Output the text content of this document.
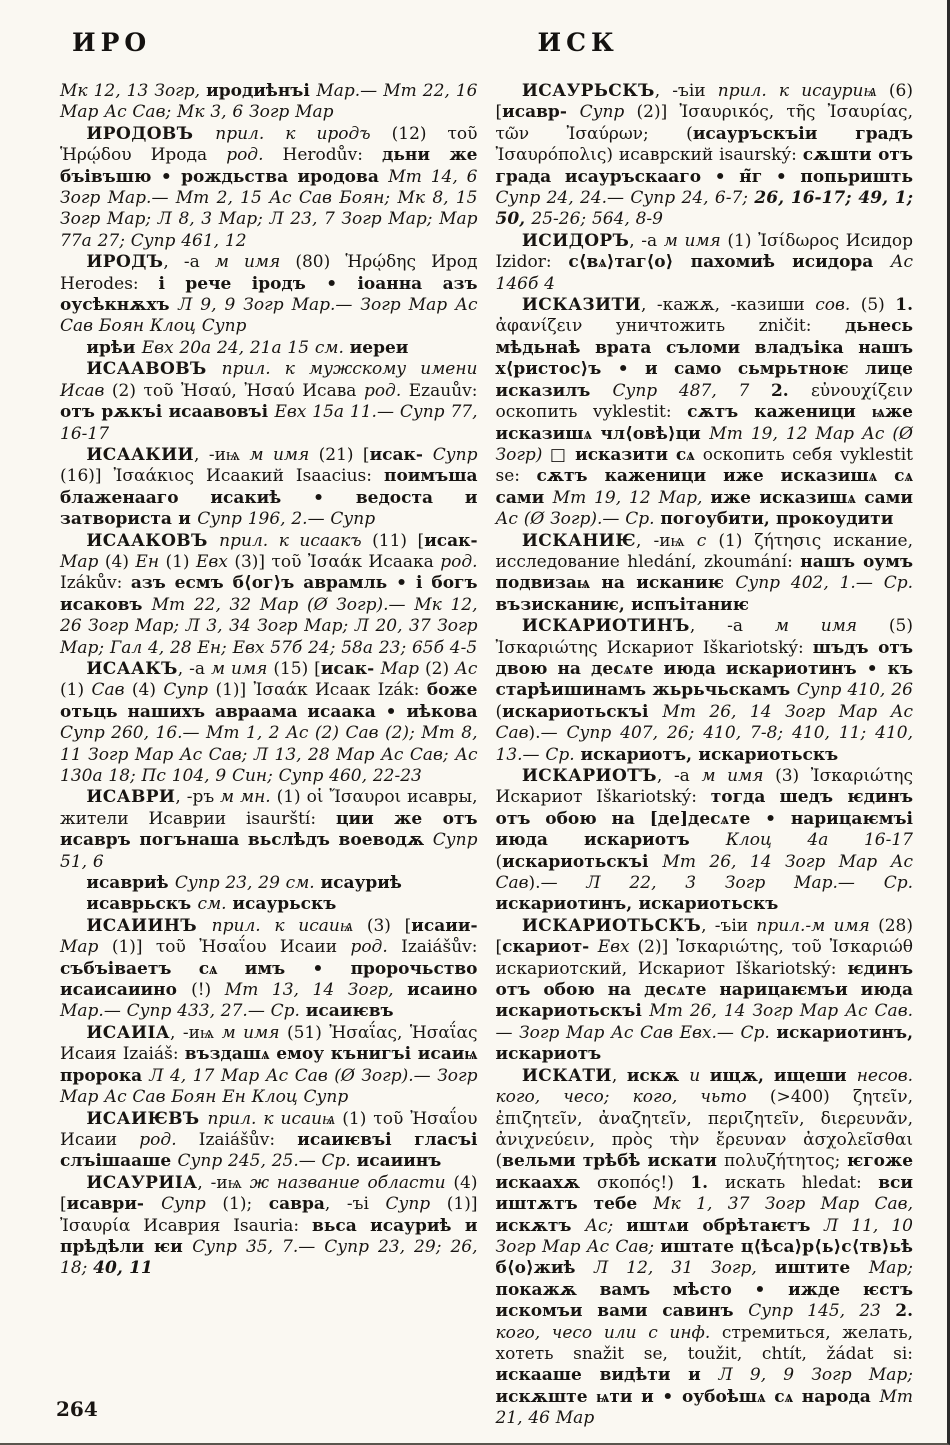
ИРО	ИСК

Мк 12, 13 Зогр, иродиѣнъі Мар.— Мт 22, 16 Мар Ас Сав; Мк 3, 6 Зогр Мар

ИРОДОВЪ прил. к иродъ (12) τοῦ Ἡρῴδου Ирода род. Herodův: дьни же бъівъшю • рождьства иродова Мт 14, 6 Зогр Мар.— Мт 2, 15 Ас Сав Боян; Мк 8, 15 Зогр Мар; Л 8, 3 Мар; Л 23, 7 Зогр Мар; Мар 77а 27; Супр 461, 12

ИРОДЪ, -а м имя (80) Ἡρῴδης Ирод Herodes: і рече іродъ • іоанна азъ оусѣкнѫхъ Л 9, 9 Зогр Мар.— Зогр Мар Ас Сав Боян Клоц Супр

ирѣи Евх 20а 24, 21а 15 см. иереи

ИСААВОВЪ прил. к мужскому имени Исав (2) τοῦ Ἠσαύ, Ἠσαύ Исава род. Ezauův: отъ рѫкъі исаавовъі Евх 15а 11.— Супр 77, 16-17

ИСААКИИ, -иѩ м имя (21) [исак- Супр (16)] Ἰσαάκιος Исаакий Isaacius: поимъша блаженааго исакиѣ • ведоста и затвориста и Супр 196, 2.— Супр

ИСААКОВЪ прил. к исаакъ (11) [исак- Мар (4) Ен (1) Евх (3)] τοῦ Ἰσαάκ Исаака род. Izákův: азъ есмъ б⟨ог⟩ъ аврамль • і богъ исаковъ Мт 22, 32 Мар (Ø Зогр).— Мк 12, 26 Зогр Мар; Л 3, 34 Зогр Мар; Л 20, 37 Зогр Мар; Гал 4, 28 Ен; Евх 57б 24; 58а 23; 65б 4-5

ИСААКЪ, -а м имя (15) [исак- Мар (2) Ас (1) Сав (4) Супр (1)] Ἰσαάκ Исаак Izák: боже отьць нашихъ авраама исаака • иѣкова Супр 260, 16.— Мт 1, 2 Ас (2) Сав (2); Мт 8, 11 Зогр Мар Ас Сав; Л 13, 28 Мар Ас Сав; Ас 130а 18; Пс 104, 9 Син; Супр 460, 22-23

ИСАВРИ, -ръ м мн. (1) οἱ Ἴσαυροι исавры, жители Исаврии isaurští: ции же отъ исавръ погънаша вьслѣдъ воеводѫ Супр 51, 6

исавриѣ Супр 23, 29 см. исауриѣ

исаврьскъ см. исаурьскъ

ИСАИИНЪ прил. к исаиѩ (3) [исаии- Мар (1)] τοῦ Ἠσαΐου Исаии род. Izaiášův: събъіваетъ сѧ имъ • пророчьство исаисаиино (!) Мт 13, 14 Зогр, исаино Мар.— Супр 433, 27.— Ср. исаиѥвъ

ИСАИІА, -иѩ м имя (51) Ἠσαΐας, Ἡσαΐας Исаия Izaiáš: въздашѧ емоу кънигъі исаиѩ пророка Л 4, 17 Мар Ас Сав (Ø Зогр).— Зогр Мар Ас Сав Боян Ен Клоц Супр

ИСАИѤВЪ прил. к исаиѩ (1) τοῦ Ἠσαΐου Исаии род. Izaiášův: исаиѥвъі гласъі слъішааше Супр 245, 25.— Ср. исаиинъ

ИСАУРИІА, -иѩ ж название области (4) [исаври- Супр (1); савра, -ъі Супр (1)] Ἰσαυρία Исаврия Isauria: вьса исауриѣ и прѣдѣли ѥи Супр 35, 7.— Супр 23, 29; 26, 18; 40, 11

ИСАУРЬСКЪ, -ъіи прил. к исауриѩ (6) [исавр- Супр (2)] Ἰσαυρικός, τῆς Ἰσαυρίας, τῶν Ἰσαύρων; (исауръскъіи градъ Ἰσαυρόπολις) исаврский isaurský: сѫшти отъ града исауръскааго • н̃г • попьришть Супр 24, 24.— Супр 24, 6-7; 26, 16-17; 49, 1; 50, 25-26; 564, 8-9

ИСИДОРЪ, -а м имя (1) Ἰσίδωρος Исидор Izidor: с⟨вѧ⟩таг⟨о⟩ пахомиѣ исидора Ас 146б 4

ИСКАЗИТИ, -кажѫ, -казиши сов. (5) 1. ἀφανίζειν уничтожить zničit: дьнесь мѣдьнаѣ врата съломи владъіка нашъ х⟨ристос⟩ъ • и само сьмрьтноѥ лице исказилъ Супр 487, 7 2. εὐνουχίζειν оскопить vyklestit: сѫтъ каженици ѩже исказишѧ чл⟨овѣ⟩ци Мт 19, 12 Мар Ас (Ø Зогр) □ исказити сѧ оскопить себя vyklestit se: сѫтъ каженици иже исказишѧ сѧ сами Мт 19, 12 Мар, иже исказишѧ сами Ас (Ø Зогр).— Ср. погоубити, прокоудити

ИСКАНИѤ, -иѩ с (1) ζήτησις искание, исследование hledání, zkoumání: нашъ оумъ подвизаѩ на исканиѥ Супр 402, 1.— Ср. възисканиѥ, испъітаниѥ

ИСКАРИОТИНЪ, -а м имя (5) Ἰσκαριώτης Искариот Iškariotský: шъдъ отъ двою на десѧте июда искариотинъ • къ старѣишинамъ жьрьчьскамъ Супр 410, 26 (искариотьскъі Мт 26, 14 Зогр Мар Ас Сав).— Супр 407, 26; 410, 7-8; 410, 11; 410, 13.— Ср. искариотъ, искариотьскъ

ИСКАРИОТЪ, -а м имя (3) Ἰσκαριώτης Искариот Iškariotský: тогда шедъ ѥдинъ отъ обою на [де]десѧте • нарицаѥмъі июда искариотъ Клоц 4а 16-17 (искариотьскъі Мт 26, 14 Зогр Мар Ас Сав).— Л 22, 3 Зогр Мар.— Ср. искариотинъ, искариотьскъ

ИСКАРИОТЬСКЪ, -ъіи прил.-м имя (28) [скариот- Евх (2)] Ἰσκαριώτης, τοῦ Ἰσκαριώθ искариотский, Искариот Iškariotský: ѥдинъ отъ обою на десѧте нарицаѥмъи июда искариотьскъі Мт 26, 14 Зогр Мар Ас Сав.— Зогр Мар Ас Сав Евх.— Ср. искариотинъ, искариотъ

ИСКАТИ, искѫ и ищѫ, ищеши несов. кого, чесо; кого, чьто (>400) ζητεῖν, ἐπιζητεῖν, ἀναζητεῖν, περιζητεῖν, διερευνᾶν, ἀνιχνεύειν, πρὸς τὴν ἔρευναν ἀσχολεῖσθαι (вельми трѣбѣ искати πολυζήτητος; ѥгоже искаахѫ σκοπός!) 1. искать hledat: вси иштѫтъ тебе Мк 1, 37 Зогр Мар Сав, искѫтъ Ас; иштѧи обрѣтаѥтъ Л 11, 10 Зогр Мар Ас Сав; иштате ц⟨ѣса⟩р⟨ь⟩с⟨тв⟩ьѣ б⟨о⟩жиѣ Л 12, 31 Зогр, иштите Мар; покажѫ вамъ мѣсто • ижде ѥстъ искомъи вами савинъ Супр 145, 23 2. кого, чесо или с инф. стремиться, желать, хотеть snažit se, toužit, chtít, žádat si: искааше видѣти и Л 9, 9 Зогр Мар; искѫште ѩти и • оубоѣшѧ сѧ народа Мт 21, 46 Мар

264
